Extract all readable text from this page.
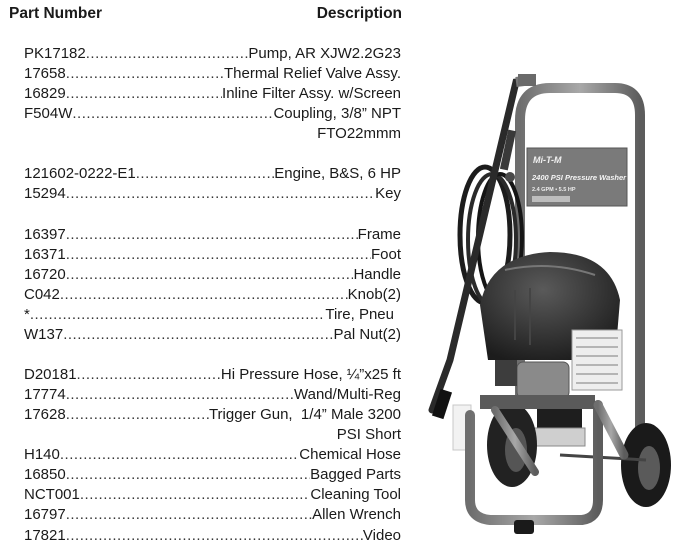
Part Number	Description
PK17182 .....	Pump, AR XJW2.2G23
17658 .....	Thermal Relief Valve Assy.
16829 .....	Inline Filter Assy. w/Screen
F504W .....	Coupling, 3/8” NPT
FTO22mmm
121602-0222-E1 .....	Engine, B&S, 6 HP
15294 .....	Key
16397 .....	Frame
16371 .....	Foot
16720 .....	Handle
C042 .....	Knob(2)
* .....	Tire, Pneu
W137 .....	Pal Nut(2)
D20181 .....	Hi Pressure Hose, ¼”x25 ft
17774 .....	Wand/Multi-Reg
17628 .....	Trigger Gun,  1/4” Male 3200
PSI Short
H140 .....	Chemical Hose
16850 .....	Bagged Parts
NCT001 .....	Cleaning Tool
16797 .....	Allen Wrench
17821 .....	Video
Mi-T-M
2400 PSI Pressure Washer
2.4 GPM • 5.5 HP
